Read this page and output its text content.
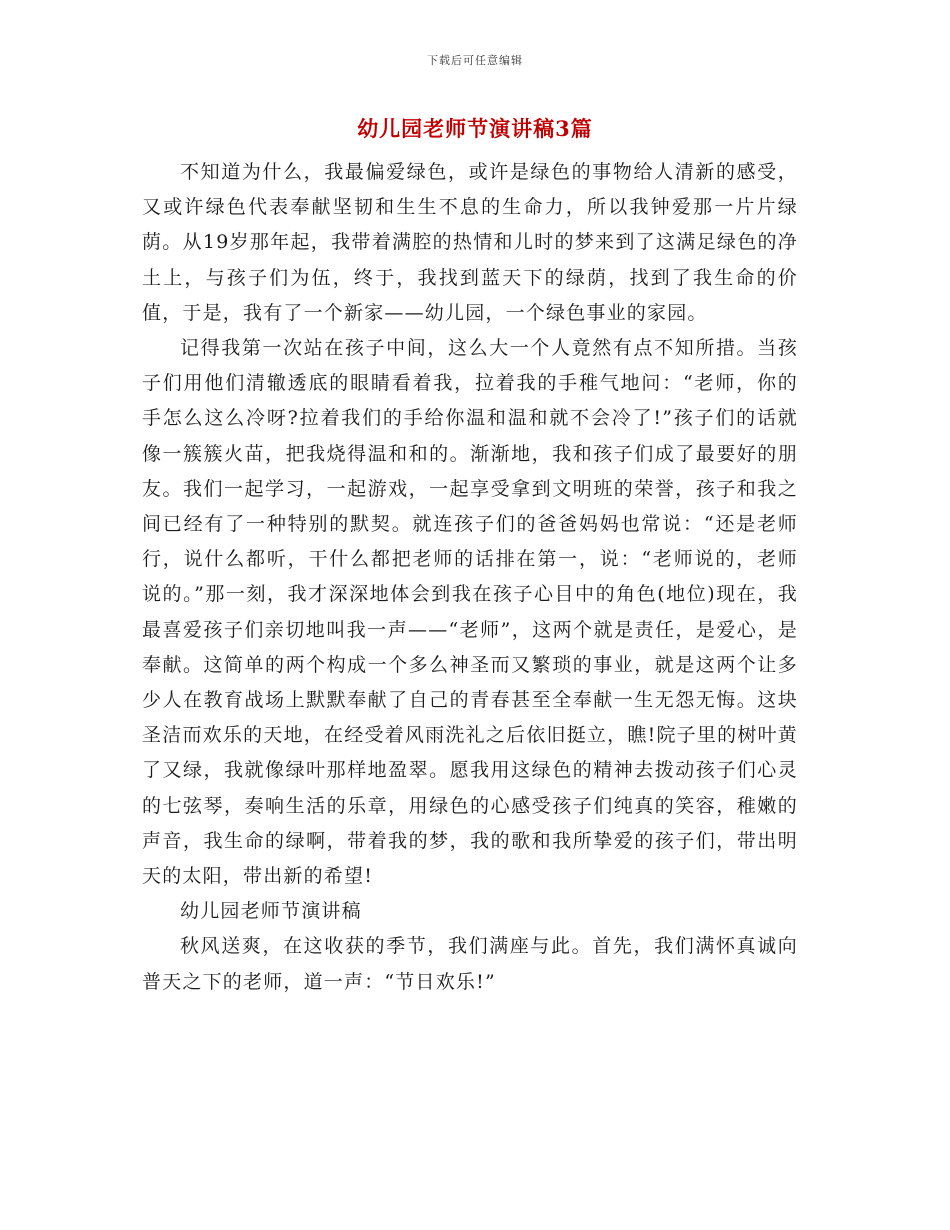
下载后可任意编辑
幼儿园老师节演讲稿3篇

不知道为什么，我最偏爱绿色，或许是绿色的事物给人清新的感受，又或许绿色代表奉献坚韧和生生不息的生命力，所以我钟爱那一片片绿荫。从19岁那年起，我带着满腔的热情和儿时的梦来到了这满足绿色的净土上，与孩子们为伍，终于，我找到蓝天下的绿荫，找到了我生命的价值，于是，我有了一个新家——幼儿园，一个绿色事业的家园。

记得我第一次站在孩子中间，这么大一个人竟然有点不知所措。当孩子们用他们清辙透底的眼睛看着我，拉着我的手稚气地问：“老师，你的手怎么这么冷呀?拉着我们的手给你温和温和就不会冷了!”孩子们的话就像一簇簇火苗，把我烧得温和和的。渐渐地，我和孩子们成了最要好的朋友。我们一起学习，一起游戏，一起享受拿到文明班的荣誉，孩子和我之间已经有了一种特别的默契。就连孩子们的爸爸妈妈也常说：“还是老师行，说什么都听，干什么都把老师的话排在第一，说：“老师说的，老师说的。”那一刻，我才深深地体会到我在孩子心目中的角色(地位)现在，我最喜爱孩子们亲切地叫我一声——“老师”，这两个就是责任，是爱心，是奉献。这简单的两个构成一个多么神圣而又繁琐的事业，就是这两个让多少人在教育战场上默默奉献了自己的青春甚至全奉献一生无怨无悔。这块圣洁而欢乐的天地，在经受着风雨洗礼之后依旧挺立，瞧!院子里的树叶黄了又绿，我就像绿叶那样地盈翠。愿我用这绿色的精神去拨动孩子们心灵的七弦琴，奏响生活的乐章，用绿色的心感受孩子们纯真的笑容，稚嫩的声音，我生命的绿啊，带着我的梦，我的歌和我所挚爱的孩子们，带出明天的太阳，带出新的希望!

幼儿园老师节演讲稿

秋风送爽，在这收获的季节，我们满座与此。首先，我们满怀真诚向普天之下的老师，道一声：“节日欢乐!”
